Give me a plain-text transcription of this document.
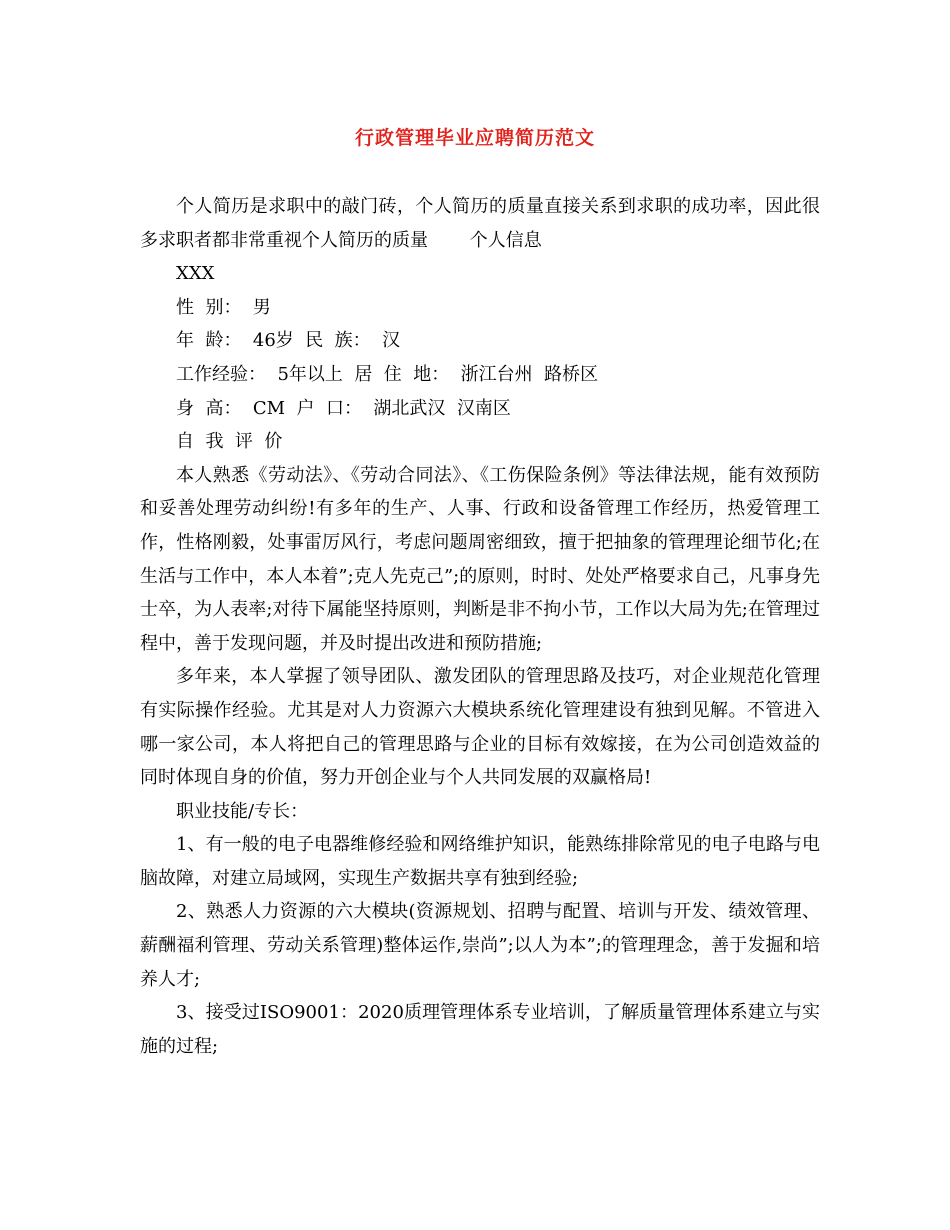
行政管理毕业应聘简历范文

个人简历是求职中的敲门砖，个人简历的质量直接关系到求职的成功率，因此很多求职者都非常重视个人简历的质量　　 个人信息

XXX

性  别：  男

年  龄：  46岁  民  族：  汉

工作经验：  5年以上  居  住  地：  浙江台州  路桥区

身  高：  CM  户  口：  湖北武汉  汉南区

自  我  评  价

本人熟悉《劳动法》、《劳动合同法》、《工伤保险条例》等法律法规，能有效预防和妥善处理劳动纠纷!有多年的生产、人事、行政和设备管理工作经历，热爱管理工作，性格刚毅，处事雷厉风行，考虑问题周密细致，擅于把抽象的管理理论细节化;在生活与工作中，本人本着”;克人先克己”;的原则，时时、处处严格要求自己，凡事身先士卒，为人表率;对待下属能坚持原则，判断是非不拘小节，工作以大局为先;在管理过程中，善于发现问题，并及时提出改进和预防措施;

多年来，本人掌握了领导团队、激发团队的管理思路及技巧，对企业规范化管理有实际操作经验。尤其是对人力资源六大模块系统化管理建设有独到见解。不管进入哪一家公司，本人将把自己的管理思路与企业的目标有效嫁接，在为公司创造效益的同时体现自身的价值，努力开创企业与个人共同发展的双赢格局!

职业技能/专长：

1、有一般的电子电器维修经验和网络维护知识，能熟练排除常见的电子电路与电脑故障，对建立局域网，实现生产数据共享有独到经验;

2、熟悉人力资源的六大模块(资源规划、招聘与配置、培训与开发、绩效管理、薪酬福利管理、劳动关系管理)整体运作,崇尚”;以人为本”;的管理理念，善于发掘和培养人才;

3、接受过ISO9001：2020质理管理体系专业培训，了解质量管理体系建立与实施的过程;
